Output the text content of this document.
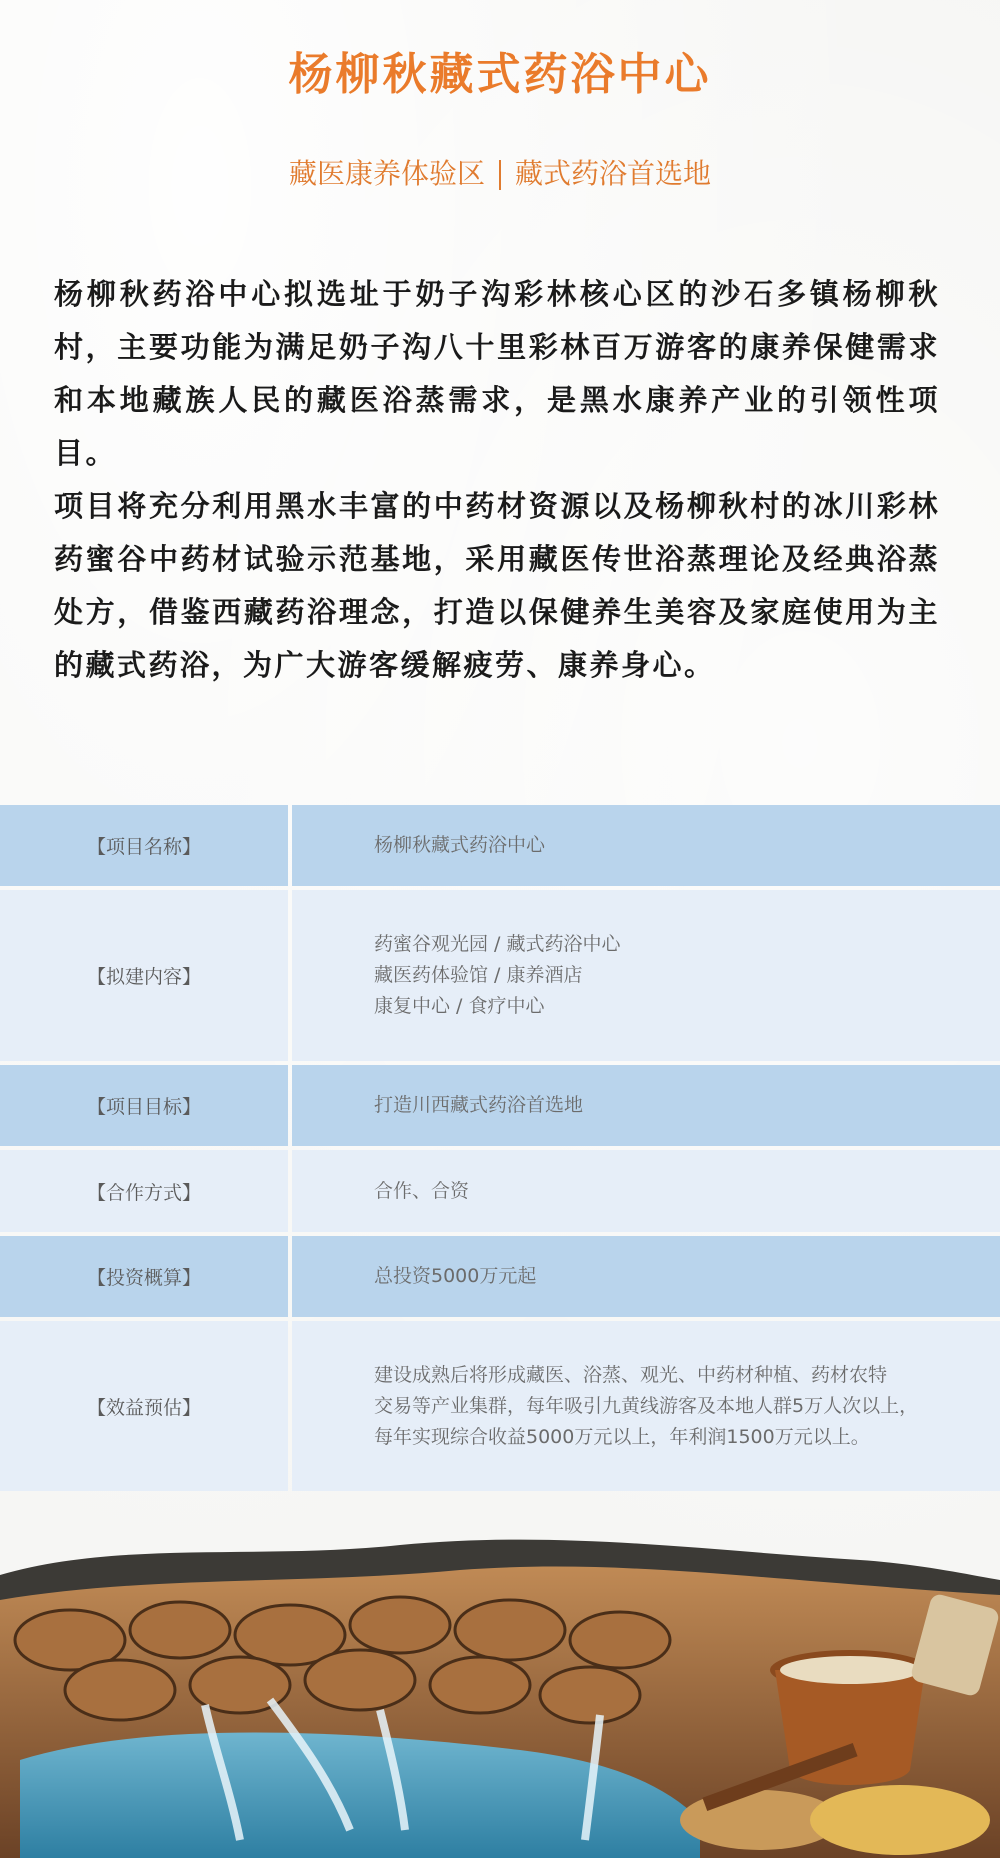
杨柳秋藏式药浴中心
藏医康养体验区 藏式药浴首选地

杨柳秋药浴中心拟选址于奶子沟彩林核心区的沙石多镇杨柳秋村，主要功能为满足奶子沟八十里彩林百万游客的康养保健需求和本地藏族人民的藏医浴蒸需求，是黑水康养产业的引领性项目。

项目将充分利用黑水丰富的中药材资源以及杨柳秋村的冰川彩林药蜜谷中药材试验示范基地，采用藏医传世浴蒸理论及经典浴蒸处方，借鉴西藏药浴理念，打造以保健养生美容及家庭使用为主的藏式药浴，为广大游客缓解疲劳、康养身心。

【项目名称】	杨柳秋藏式药浴中心
【拟建内容】
药蜜谷观光园 / 藏式药浴中心
藏医药体验馆 / 康养酒店
康复中心 / 食疗中心
【项目目标】	打造川西藏式药浴首选地
【合作方式】	合作、合资
【投资概算】	总投资5000万元起
【效益预估】
建设成熟后将形成藏医、浴蒸、观光、中药材种植、药材农特
交易等产业集群，每年吸引九黄线游客及本地人群5万人次以上，
每年实现综合收益5000万元以上，年利润1500万元以上。
